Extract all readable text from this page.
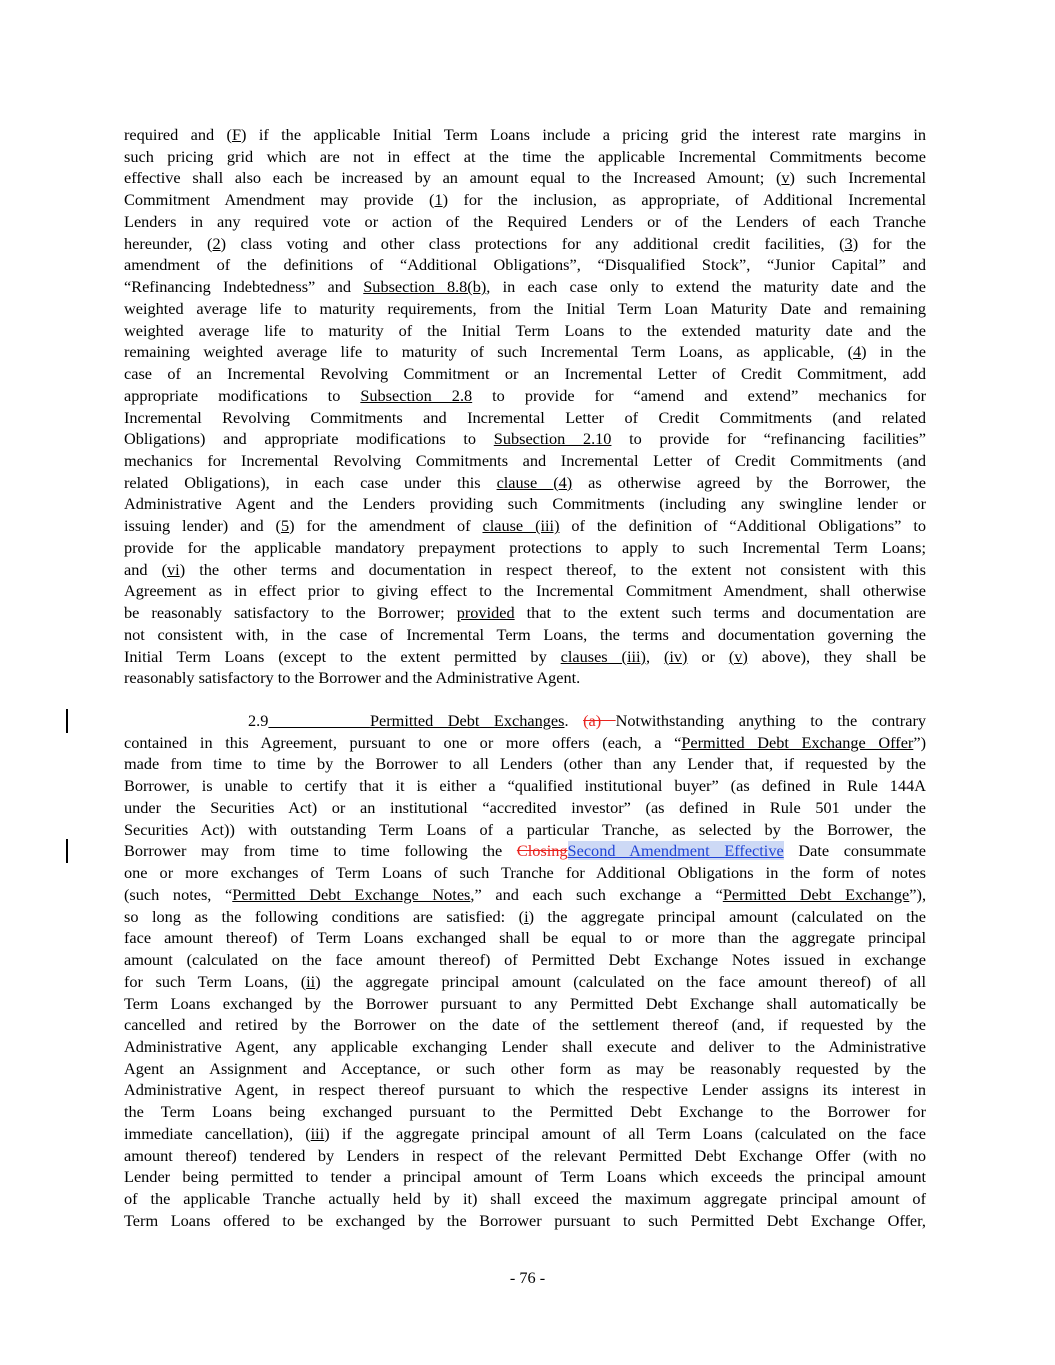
required and (F) if the applicable Initial Term Loans include a pricing grid the interest rate margins in
such pricing grid which are not in effect at the time the applicable Incremental Commitments become
effective shall also each be increased by an amount equal to the Increased Amount; (v) such Incremental
Commitment Amendment may provide (1) for the inclusion, as appropriate, of Additional Incremental
Lenders in any required vote or action of the Required Lenders or of the Lenders of each Tranche
hereunder, (2) class voting and other class protections for any additional credit facilities, (3) for the
amendment of the definitions of “Additional Obligations”, “Disqualified Stock”, “Junior Capital” and
“Refinancing Indebtedness” and Subsection 8.8(b), in each case only to extend the maturity date and the
weighted average life to maturity requirements, from the Initial Term Loan Maturity Date and remaining
weighted average life to maturity of the Initial Term Loans to the extended maturity date and the
remaining weighted average life to maturity of such Incremental Term Loans, as applicable, (4) in the
case of an Incremental Revolving Commitment or an Incremental Letter of Credit Commitment, add
appropriate modifications to Subsection 2.8 to provide for “amend and extend” mechanics for
Incremental Revolving Commitments and Incremental Letter of Credit Commitments (and related
Obligations) and appropriate modifications to Subsection 2.10 to provide for “refinancing facilities”
mechanics for Incremental Revolving Commitments and Incremental Letter of Credit Commitments (and
related Obligations), in each case under this clause (4) as otherwise agreed by the Borrower, the
Administrative Agent and the Lenders providing such Commitments (including any swingline lender or
issuing lender) and (5) for the amendment of clause (iii) of the definition of “Additional Obligations” to
provide for the applicable mandatory prepayment protections to apply to such Incremental Term Loans;
and (vi) the other terms and documentation in respect thereof, to the extent not consistent with this
Agreement as in effect prior to giving effect to the Incremental Commitment Amendment, shall otherwise
be reasonably satisfactory to the Borrower; provided that to the extent such terms and documentation are
not consistent with, in the case of Incremental Term Loans, the terms and documentation governing the
Initial Term Loans (except to the extent permitted by clauses (iii), (iv) or (v) above), they shall be
reasonably satisfactory to the Borrower and the Administrative Agent.
2.9	Permitted Debt Exchanges. (a) Notwithstanding anything to the contrary
contained in this Agreement, pursuant to one or more offers (each, a “Permitted Debt Exchange Offer”)
made from time to time by the Borrower to all Lenders (other than any Lender that, if requested by the
Borrower, is unable to certify that it is either a “qualified institutional buyer” (as defined in Rule 144A
under the Securities Act) or an institutional “accredited investor” (as defined in Rule 501 under the
Securities Act)) with outstanding Term Loans of a particular Tranche, as selected by the Borrower, the
Borrower may from time to time following the ClosingSecond Amendment Effective Date consummate
one or more exchanges of Term Loans of such Tranche for Additional Obligations in the form of notes
(such notes, “Permitted Debt Exchange Notes,” and each such exchange a “Permitted Debt Exchange”),
so long as the following conditions are satisfied: (i) the aggregate principal amount (calculated on the
face amount thereof) of Term Loans exchanged shall be equal to or more than the aggregate principal
amount (calculated on the face amount thereof) of Permitted Debt Exchange Notes issued in exchange
for such Term Loans, (ii) the aggregate principal amount (calculated on the face amount thereof) of all
Term Loans exchanged by the Borrower pursuant to any Permitted Debt Exchange shall automatically be
cancelled and retired by the Borrower on the date of the settlement thereof (and, if requested by the
Administrative Agent, any applicable exchanging Lender shall execute and deliver to the Administrative
Agent an Assignment and Acceptance, or such other form as may be reasonably requested by the
Administrative Agent, in respect thereof pursuant to which the respective Lender assigns its interest in
the Term Loans being exchanged pursuant to the Permitted Debt Exchange to the Borrower for
immediate cancellation), (iii) if the aggregate principal amount of all Term Loans (calculated on the face
amount thereof) tendered by Lenders in respect of the relevant Permitted Debt Exchange Offer (with no
Lender being permitted to tender a principal amount of Term Loans which exceeds the principal amount
of the applicable Tranche actually held by it) shall exceed the maximum aggregate principal amount of
Term Loans offered to be exchanged by the Borrower pursuant to such Permitted Debt Exchange Offer,
- 76 -
